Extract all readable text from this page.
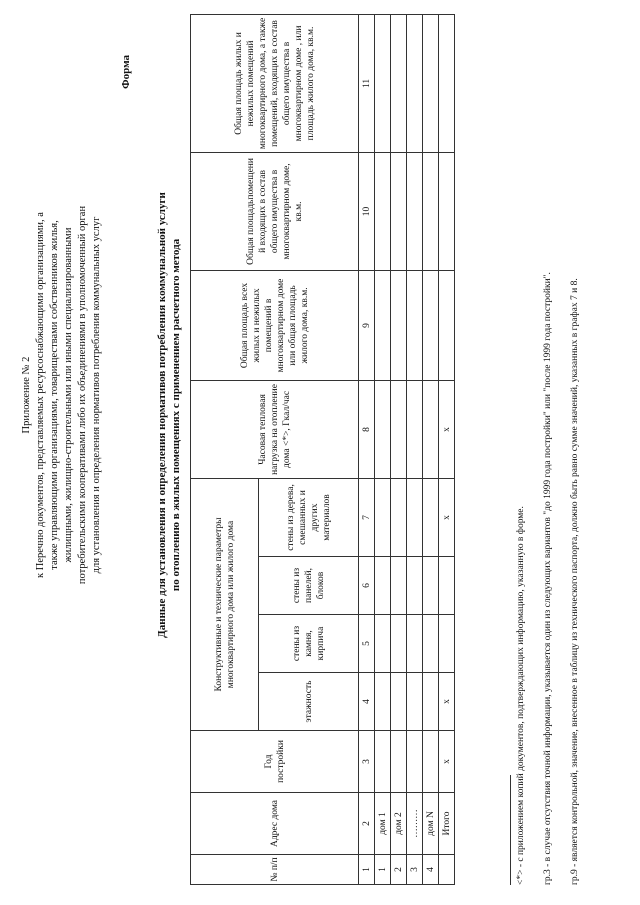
Приложение № 2 к Перечню документов, представляемых ресурсоснабжающими организациями, а также управляющими организациями, товариществами собственников жилья, жилищными, жилищно-строительными или иными специализированными потребительскими кооперативами либо их объединениями в уполномоченный орган для установления и определения нормативов потребления коммунальных услуг
Форма
Данные для установления и определения нормативов потребления коммунальной услуги по отоплению в жилых помещениях с применением расчетного метода
№ п/п	Адрес дома	Год постройки	Конструктивные и технические параметры многоквартирного дома или жилого дома				Часовая тепловая нагрузка на отопление дома <*>, Гкал/час	Общая площадь всех жилых и нежилых помещений в многоквартирном доме или общая площадь жилого дома, кв.м.	Общая площадьпомещени й входящих в состав общего имущества в многоквартирном доме, кв.м.	Общая площадь жилых и нежилых помещений многоквартирного дома, а также помещений, входящих в состав общего имущества в многоквартирном доме , или площадь жилого дома, кв.м.
			этажность	стены из камня, кирпича	стены из панелей, блоков	стены из дерева, смешанных и других материалов				
1	2	3	4	5	6	7	8	9	10	11
1	дом 1									
2	дом 2									
3	………									
4	дом N									
	Итого	х	х			х	х			

<*> - с приложением копий документов, подтверждающих информацию, указанную в форме. гр.3 - в случае отсутствия точной информации, указывается один из следующих вариантов "до 1999 года постройки" или "после 1999 года постройки". гр.9 - является контрольной, значение, внесенное в таблицу из технического паспорта, должно быть равно сумме значений, указанных в графах 7 и 8.
